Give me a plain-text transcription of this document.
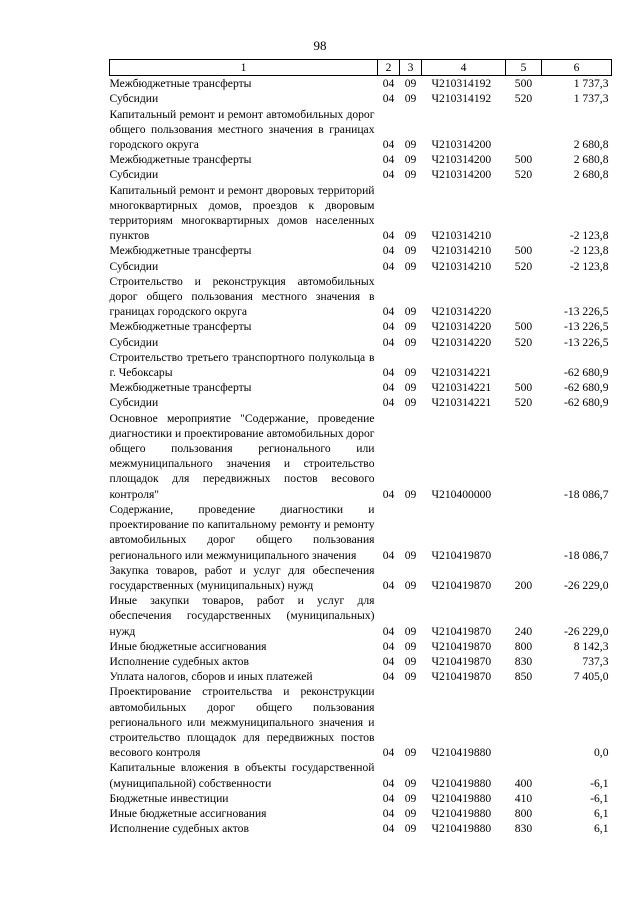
98
1	2	3	4	5	6
Межбюджетные трансферты	04	09	Ч210314192	500	1 737,3
Субсидии	04	09	Ч210314192	520	1 737,3
Капитальный ремонт и ремонт автомобильных дорог общего пользования местного значения в границах городского округа	04	09	Ч210314200		2 680,8
Межбюджетные трансферты	04	09	Ч210314200	500	2 680,8
Субсидии	04	09	Ч210314200	520	2 680,8
Капитальный ремонт и ремонт дворовых территорий многоквартирных домов, проездов к дворовым территориям многоквартирных домов населенных пунктов	04	09	Ч210314210		-2 123,8
Межбюджетные трансферты	04	09	Ч210314210	500	-2 123,8
Субсидии	04	09	Ч210314210	520	-2 123,8
Строительство и реконструкция автомобильных дорог общего пользования местного значения в границах городского округа	04	09	Ч210314220		-13 226,5
Межбюджетные трансферты	04	09	Ч210314220	500	-13 226,5
Субсидии	04	09	Ч210314220	520	-13 226,5
Строительство третьего транспортного полукольца в г. Чебоксары	04	09	Ч210314221		-62 680,9
Межбюджетные трансферты	04	09	Ч210314221	500	-62 680,9
Субсидии	04	09	Ч210314221	520	-62 680,9
Основное мероприятие "Содержание, проведение диагностики и проектирование автомобильных дорог общего пользования регионального или межмуниципального значения и строительство площадок для передвижных постов весового контроля"	04	09	Ч210400000		-18 086,7
Содержание, проведение диагностики и проектирование по капитальному ремонту и ремонту автомобильных дорог общего пользования регионального или межмуниципального значения	04	09	Ч210419870		-18 086,7
Закупка товаров, работ и услуг для обеспечения государственных (муниципальных) нужд	04	09	Ч210419870	200	-26 229,0
Иные закупки товаров, работ и услуг для обеспечения государственных (муниципальных) нужд	04	09	Ч210419870	240	-26 229,0
Иные бюджетные ассигнования	04	09	Ч210419870	800	8 142,3
Исполнение судебных актов	04	09	Ч210419870	830	737,3
Уплата налогов, сборов и иных платежей	04	09	Ч210419870	850	7 405,0
Проектирование строительства и реконструкции автомобильных дорог общего пользования регионального или межмуниципального значения и строительство площадок для передвижных постов весового контроля	04	09	Ч210419880		0,0
Капитальные вложения в объекты государственной (муниципальной) собственности	04	09	Ч210419880	400	-6,1
Бюджетные инвестиции	04	09	Ч210419880	410	-6,1
Иные бюджетные ассигнования	04	09	Ч210419880	800	6,1
Исполнение судебных актов	04	09	Ч210419880	830	6,1
